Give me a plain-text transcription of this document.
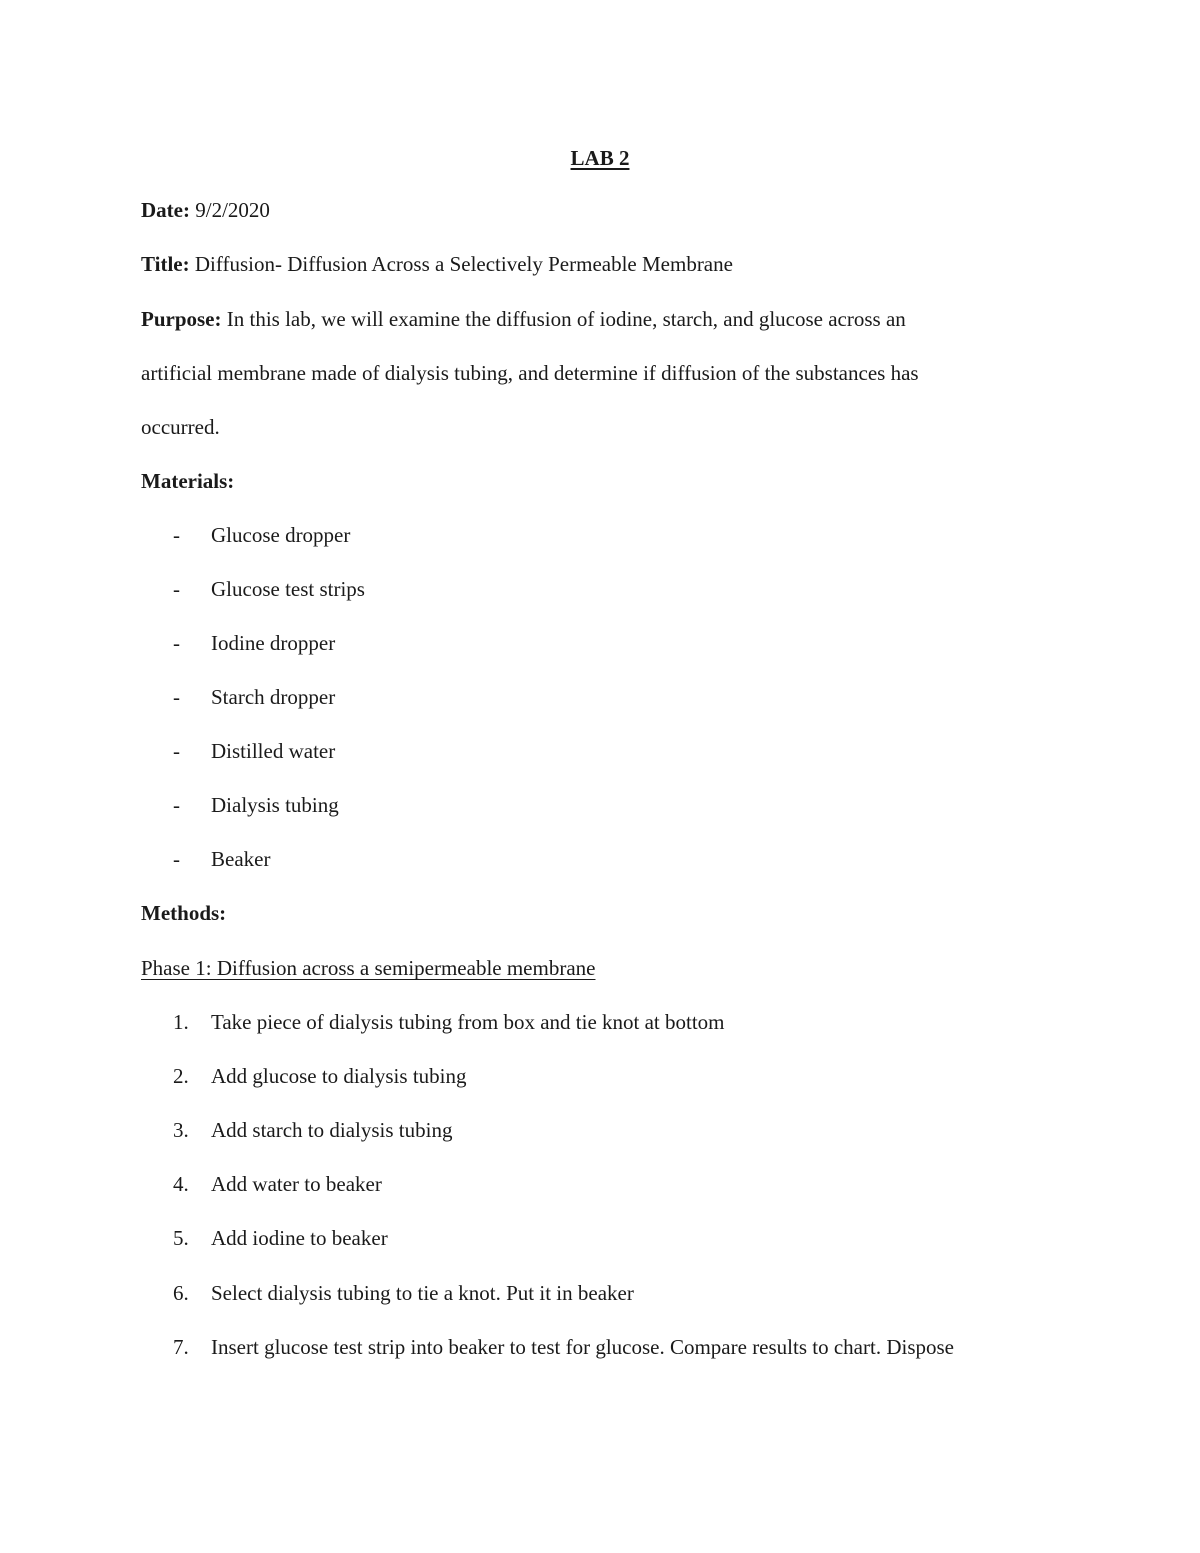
LAB 2
Date: 9/2/2020
Title: Diffusion- Diffusion Across a Selectively Permeable Membrane
Purpose: In this lab, we will examine the diffusion of iodine, starch, and glucose across an
artificial membrane made of dialysis tubing, and determine if diffusion of the substances has
occurred.
Materials:
- Glucose dropper
- Glucose test strips
- Iodine dropper
- Starch dropper
- Distilled water
- Dialysis tubing
- Beaker
Methods:
Phase 1: Diffusion across a semipermeable membrane
1. Take piece of dialysis tubing from box and tie knot at bottom
2. Add glucose to dialysis tubing
3. Add starch to dialysis tubing
4. Add water to beaker
5. Add iodine to beaker
6. Select dialysis tubing to tie a knot. Put it in beaker
7. Insert glucose test strip into beaker to test for glucose. Compare results to chart. Dispose
